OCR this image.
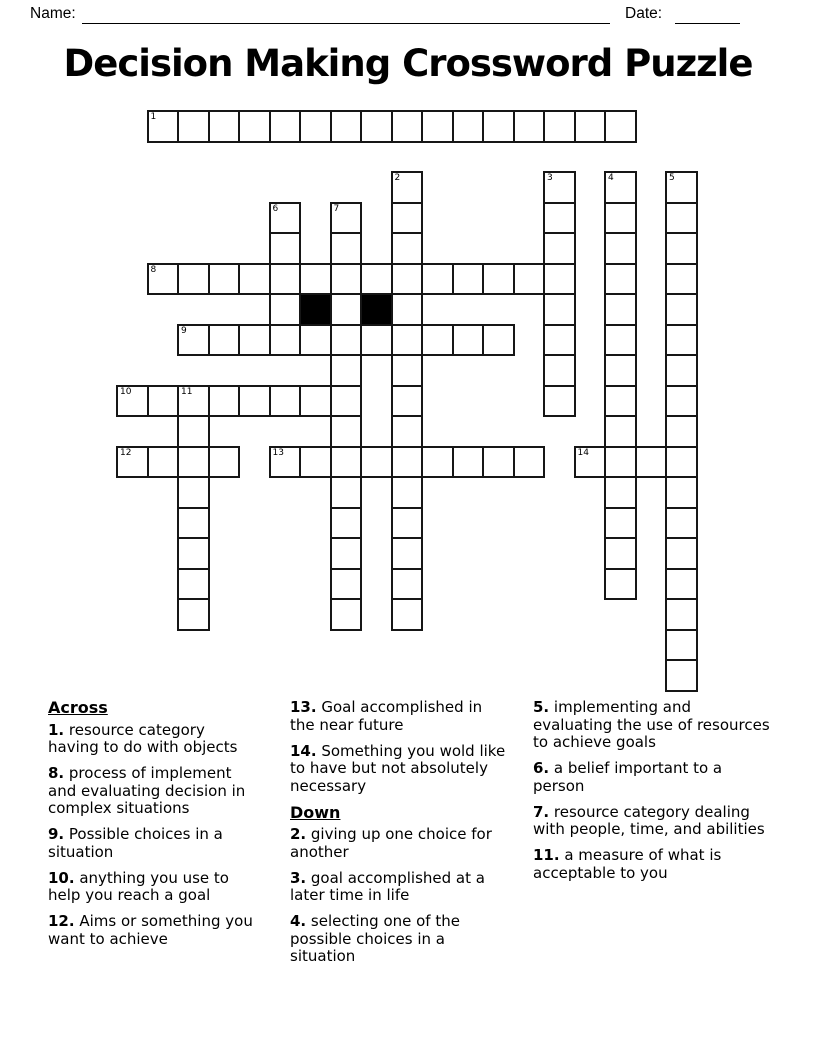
Name:	Date:
Decision Making Crossword Puzzle
1
2	3	4	5
6	7
8
9
10	11
12	13	14
Across

1. resource category having to do with objects

8. process of implement and evaluating decision in complex situations

9. Possible choices in a situation

10. anything you use to help you reach a goal

12. Aims or something you want to achieve

13. Goal accomplished in the near future

14. Something you wold like to have but not absolutely necessary

Down

2. giving up one choice for another

3. goal accomplished at a later time in life

4. selecting one of the possible choices in a situation

5. implementing and evaluating the use of resources to achieve goals

6. a belief important to a person

7. resource category dealing with people, time, and abilities

11. a measure of what is acceptable to you
